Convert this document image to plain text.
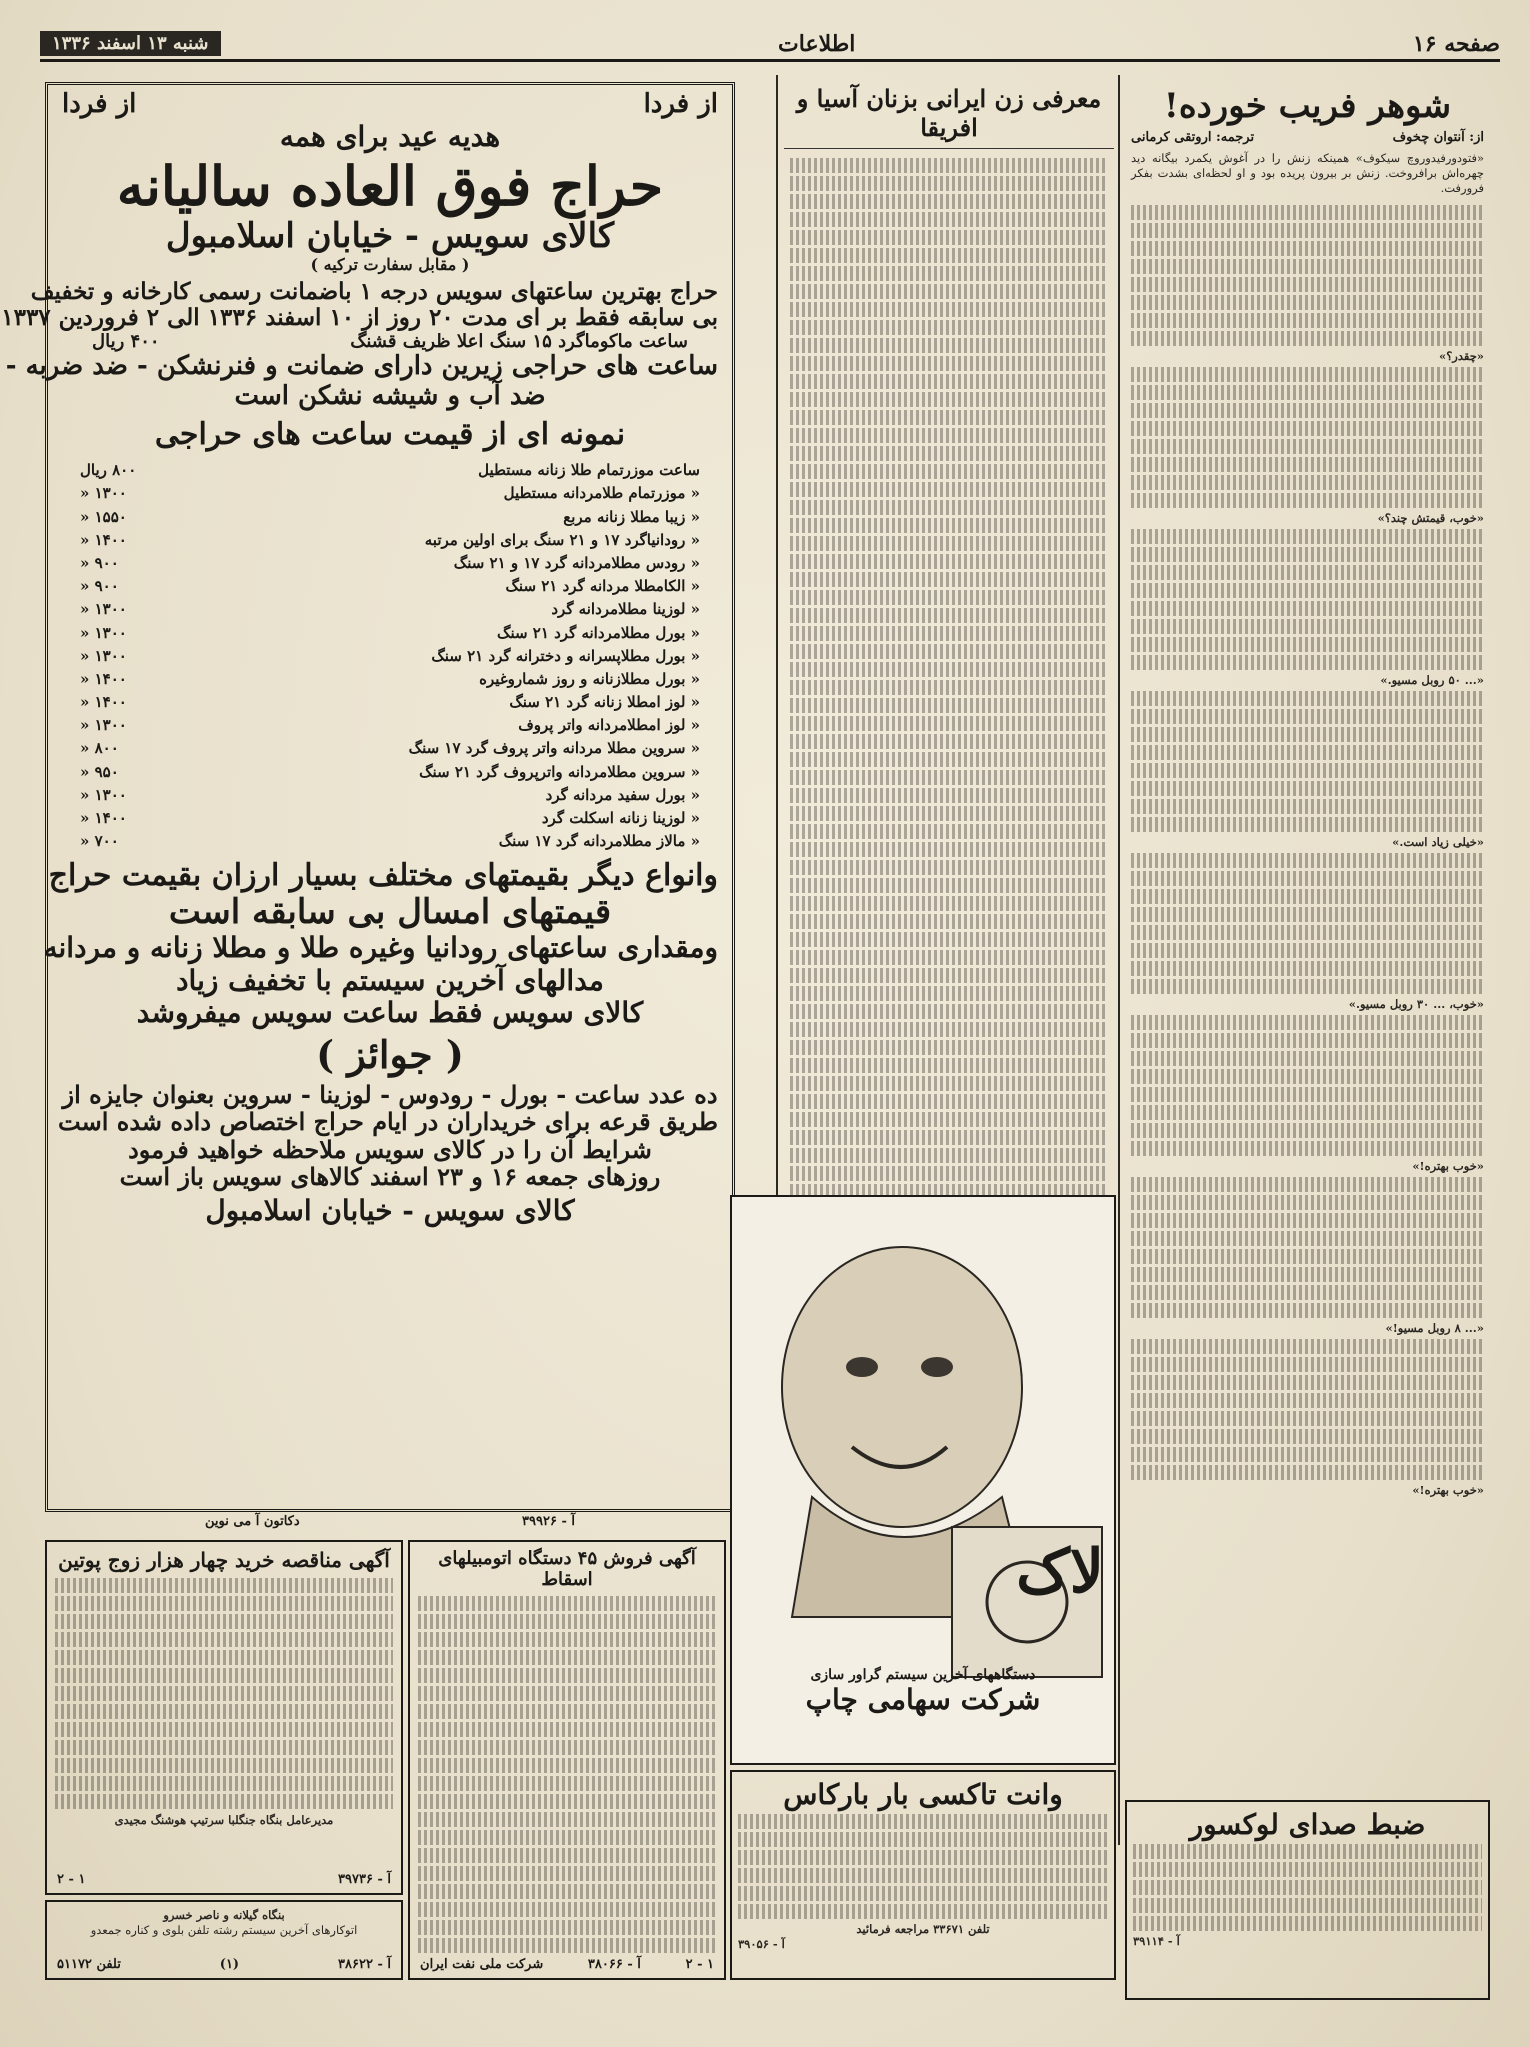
صفحه ۱۶
اطلاعات
شنبه ۱۳ اسفند ۱۳۳۶
شوهر فریب خورده!
از: آنتوان چخوف
ترجمه: اروتقی کرمانی
«فتودورفیدوروچ سیکوف» همینکه زنش را در آغوش یکمرد بیگانه دید چهره‌اش برافروخت. زنش بر بیرون پریده بود و او لحظه‌ای بشدت بفکر فرورفت.

«چقدر؟»

«خوب، قیمتش چند؟»

«... ۵۰ روبل مسیو.»

«خیلی زیاد است.»

«خوب، ... ۳۰ روبل مسیو.»

«خوب بهتره!»

«... ۸ روبل مسیو!»

«خوب بهتره!»

معرفی زن ایرانی بزنان آسیا و افریقا
از فردا	از فردا
هدیه عید برای همه
حراج فوق العاده سالیانه
کالای سویس - خیابان اسلامبول
( مقابل سفارت ترکیه )
حراج بهترین ساعتهای سویس درجه ۱ باضمانت رسمی کارخانه و تخفیف
بی سابقه فقط بر ای مدت ۲۰ روز از ۱۰ اسفند ۱۳۳۶ الی ۲ فروردین ۱۳۳۷
ساعت ماکوماگرد ۱۵ سنگ اعلا ظریف قشنگ
۴۰۰ ریال
ساعت های حراجی زیرین دارای ضمانت و فنرنشکن - ضد ضربه -
ضد آب و شیشه نشکن است
نمونه ای از قیمت ساعت های حراجی
ساعت موزرتمام طلا زنانه مستطیل
۸۰۰ ریال
« موزرتمام طلامردانه مستطیل
۱۳۰۰ «
« زیبا مطلا زنانه مربع
۱۵۵۰ «
« رودانیاگرد ۱۷ و ۲۱ سنگ برای اولین مرتبه
۱۴۰۰ «
« رودس مطلامردانه گرد ۱۷ و ۲۱ سنگ
۹۰۰ «
« الکامطلا مردانه گرد ۲۱ سنگ
۹۰۰ «
« لوزینا مطلامردانه گرد
۱۳۰۰ «
« بورل مطلامردانه گرد ۲۱ سنگ
۱۳۰۰ «
« بورل مطلاپسرانه و دخترانه گرد ۲۱ سنگ
۱۳۰۰ «
« بورل مطلازنانه و روز شماروغیره
۱۴۰۰ «
« لوز امطلا زنانه گرد ۲۱ سنگ
۱۴۰۰ «
« لوز امطلامردانه واتر پروف
۱۳۰۰ «
« سروین مطلا مردانه واتر پروف گرد ۱۷ سنگ
۸۰۰ «
« سروین مطلامردانه واترپروف گرد ۲۱ سنگ
۹۵۰ «
« بورل سفید مردانه گرد
۱۳۰۰ «
« لوزینا زنانه اسکلت گرد
۱۴۰۰ «
« مالاز مطلامردانه گرد ۱۷ سنگ
۷۰۰ «
وانواع دیگر بقیمتهای مختلف بسیار ارزان بقیمت حراج
قیمتهای امسال بی سابقه است
ومقداری ساعتهای رودانیا وغیره طلا و مطلا زنانه و مردانه
مدالهای آخرین سیستم با تخفیف زیاد
کالای سویس فقط ساعت سویس میفروشد
( جوائز )
ده عدد ساعت - بورل - رودوس - لوزینا - سروین بعنوان جایزه از
طریق قرعه برای خریداران در ایام حراج اختصاص داده شده است
شرایط آن را در کالای سویس ملاحظه خواهید فرمود
روزهای جمعه ۱۶ و ۲۳ اسفند کالاهای سویس باز است
کالای سویس - خیابان اسلامبول
آ - ۳۹۹۲۶
دکاتون آ می نوین
آگهی مناقصه خرید چهار هزار زوج پوتین
مدیرعامل بنگاه جنگلبا سرتیپ هوشنگ مجیدی
آ - ۳۹۷۳۶
۱ - ۲
آگهی فروش ۴۵ دستگاه اتومبیلهای اسقاط
۱ - ۲
آ - ۳۸۰۶۶
شرکت ملی نفت ایران
بنگاه گیلانه و ناصر خسرو
اتوکارهای آخرین سیستم رشته تلفن بلوی و کناره جمعدو
آ - ۳۸۶۲۲
(۱)
تلفن ۵۱۱۷۲
دستگاههای آخرین سیستم گراور سازی
شرکت سهامی چاپ
لاک
وانت تاکسی بار بارکاس
تلفن ۳۳۶۷۱ مراجعه فرمائید
آ - ۳۹۰۵۶
ضبط صدای لوکسور
آ - ۳۹۱۱۴
